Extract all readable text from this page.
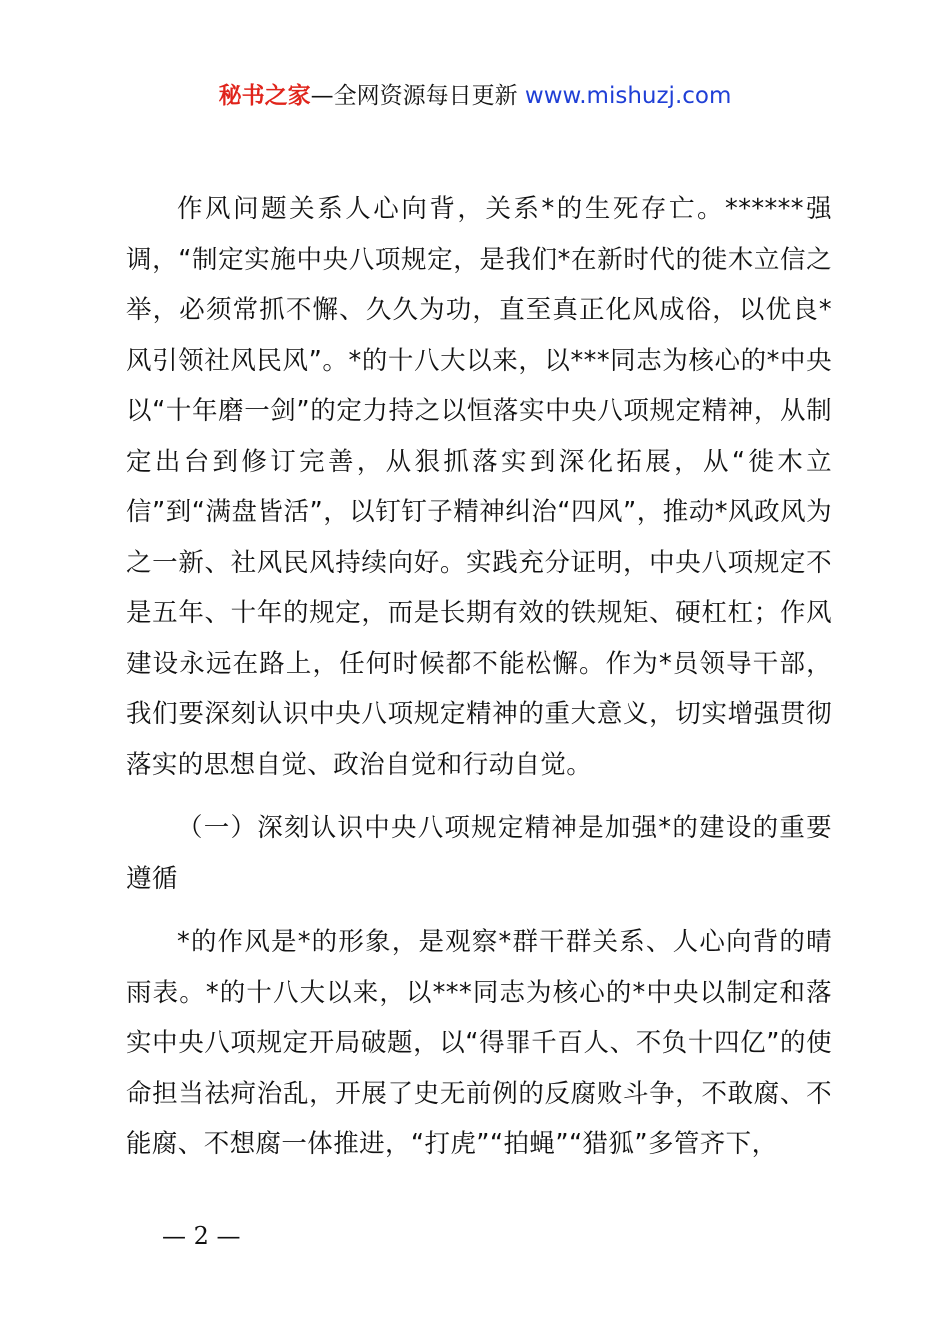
秘书之家—全网资源每日更新 www.mishuzj.com

作风问题关系人心向背，关系*的生死存亡。******强调，“制定实施中央八项规定，是我们*在新时代的徙木立信之举，必须常抓不懈、久久为功，直至真正化风成俗，以优良*风引领社风民风”。*的十八大以来，以***同志为核心的*中央以“十年磨一剑”的定力持之以恒落实中央八项规定精神，从制定出台到修订完善，从狠抓落实到深化拓展，从“徙木立信”到“满盘皆活”，以钉钉子精神纠治“四风”，推动*风政风为之一新、社风民风持续向好。实践充分证明，中央八项规定不是五年、十年的规定，而是长期有效的铁规矩、硬杠杠；作风建设永远在路上，任何时候都不能松懈。作为*员领导干部，我们要深刻认识中央八项规定精神的重大意义，切实增强贯彻落实的思想自觉、政治自觉和行动自觉。

（一）深刻认识中央八项规定精神是加强*的建设的重要遵循

*的作风是*的形象，是观察*群干群关系、人心向背的晴雨表。*的十八大以来，以***同志为核心的*中央以制定和落实中央八项规定开局破题，以“得罪千百人、不负十四亿”的使命担当祛疴治乱，开展了史无前例的反腐败斗争，不敢腐、不能腐、不想腐一体推进，“打虎”“拍蝇”“猎狐”多管齐下，

— 2 —
